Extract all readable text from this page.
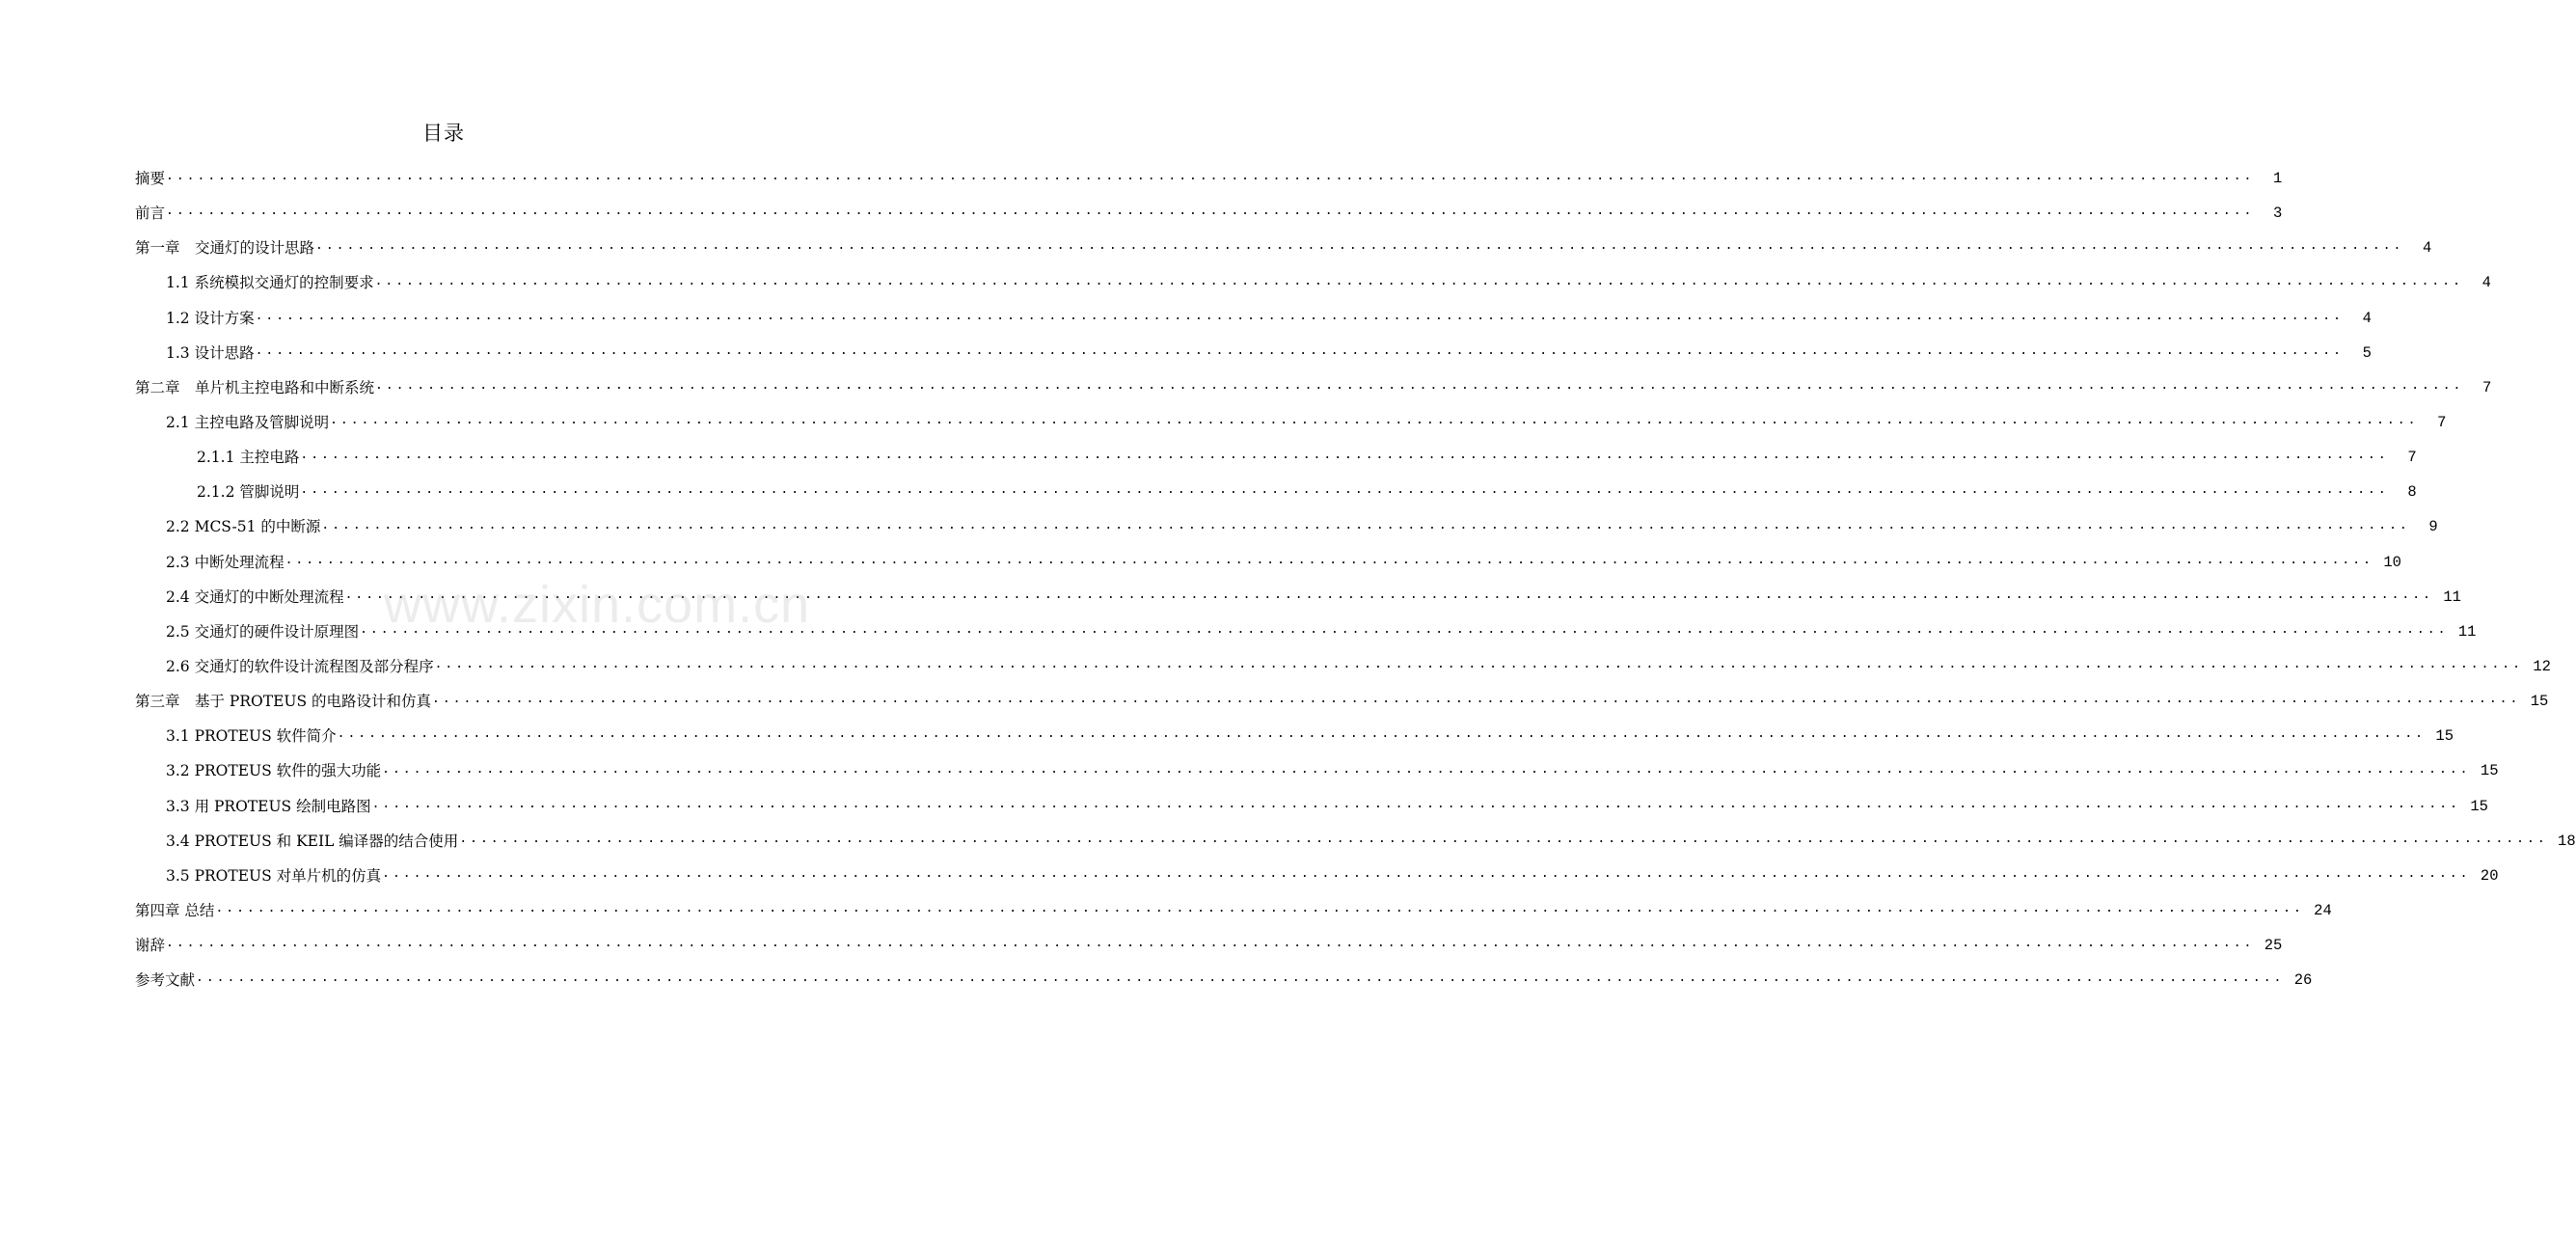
目录
摘要 ........................................................................................................................................................................................................	1
前言 ........................................................................................................................................................................................................	3
第一章　交通灯的设计思路 ........................................................................................................................................................................................................	4
1.1 系统模拟交通灯的控制要求 ........................................................................................................................................................................................................	4
1.2 设计方案 ........................................................................................................................................................................................................	4
1.3 设计思路 ........................................................................................................................................................................................................	5
第二章　单片机主控电路和中断系统 ........................................................................................................................................................................................................	7
2.1 主控电路及管脚说明 ........................................................................................................................................................................................................	7
2.1.1 主控电路 ........................................................................................................................................................................................................	7
2.1.2 管脚说明 ........................................................................................................................................................................................................	8
2.2 MCS-51 的中断源 ........................................................................................................................................................................................................	9
2.3 中断处理流程 ........................................................................................................................................................................................................ 10
2.4 交通灯的中断处理流程 ........................................................................................................................................................................................................ 11
2.5 交通灯的硬件设计原理图 ........................................................................................................................................................................................................ 11
2.6 交通灯的软件设计流程图及部分程序 ........................................................................................................................................................................................................ 12
第三章　基于 PROTEUS 的电路设计和仿真 ........................................................................................................................................................................................................ 15
3.1 PROTEUS 软件简介 ........................................................................................................................................................................................................ 15
3.2 PROTEUS 软件的强大功能 ........................................................................................................................................................................................................ 15
3.3 用 PROTEUS 绘制电路图 ........................................................................................................................................................................................................ 15
3.4 PROTEUS 和 KEIL 编译器的结合使用 ........................................................................................................................................................................................................ 18
3.5 PROTEUS 对单片机的仿真 ........................................................................................................................................................................................................ 20
第四章 总结 ........................................................................................................................................................................................................ 24
谢辞 ........................................................................................................................................................................................................ 25
参考文献 ........................................................................................................................................................................................................ 26
www.zixin.com.cn
